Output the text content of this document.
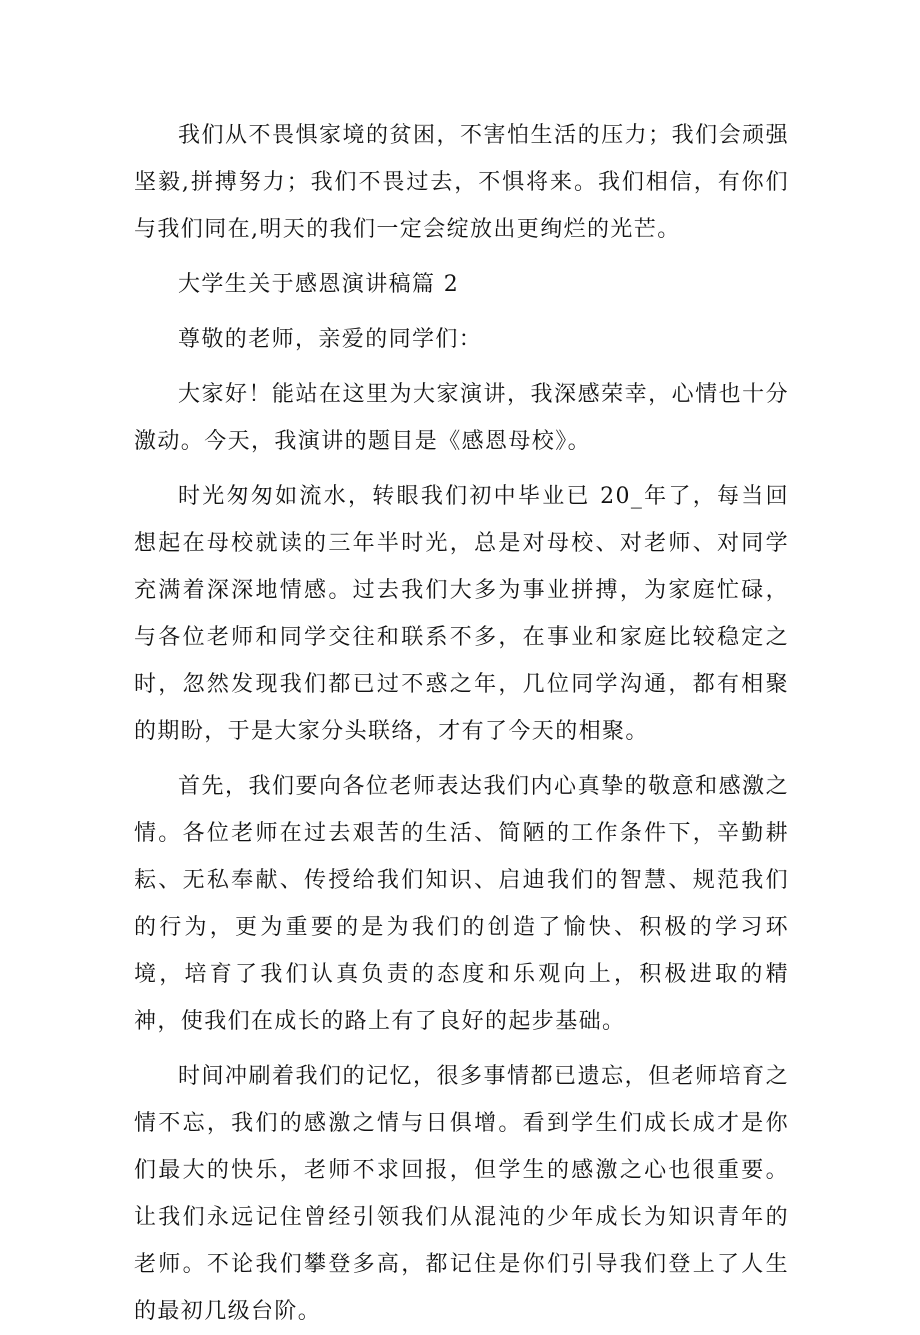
我们从不畏惧家境的贫困，不害怕生活的压力；我们会顽强坚毅,拼搏努力；我们不畏过去，不惧将来。我们相信，有你们与我们同在,明天的我们一定会绽放出更绚烂的光芒。

大学生关于感恩演讲稿篇 2

尊敬的老师，亲爱的同学们：

大家好！能站在这里为大家演讲，我深感荣幸，心情也十分激动。今天，我演讲的题目是《感恩母校》。

时光匆匆如流水，转眼我们初中毕业已 20_年了，每当回想起在母校就读的三年半时光，总是对母校、对老师、对同学充满着深深地情感。过去我们大多为事业拼搏，为家庭忙碌，与各位老师和同学交往和联系不多，在事业和家庭比较稳定之时，忽然发现我们都已过不惑之年，几位同学沟通，都有相聚的期盼，于是大家分头联络，才有了今天的相聚。

首先，我们要向各位老师表达我们内心真挚的敬意和感激之情。各位老师在过去艰苦的生活、简陋的工作条件下，辛勤耕耘、无私奉献、传授给我们知识、启迪我们的智慧、规范我们的行为，更为重要的是为我们的创造了愉快、积极的学习环境，培育了我们认真负责的态度和乐观向上，积极进取的精神，使我们在成长的路上有了良好的起步基础。

时间冲刷着我们的记忆，很多事情都已遗忘，但老师培育之情不忘，我们的感激之情与日俱增。看到学生们成长成才是你们最大的快乐，老师不求回报，但学生的感激之心也很重要。让我们永远记住曾经引领我们从混沌的少年成长为知识青年的老师。不论我们攀登多高，都记住是你们引导我们登上了人生的最初几级台阶。
